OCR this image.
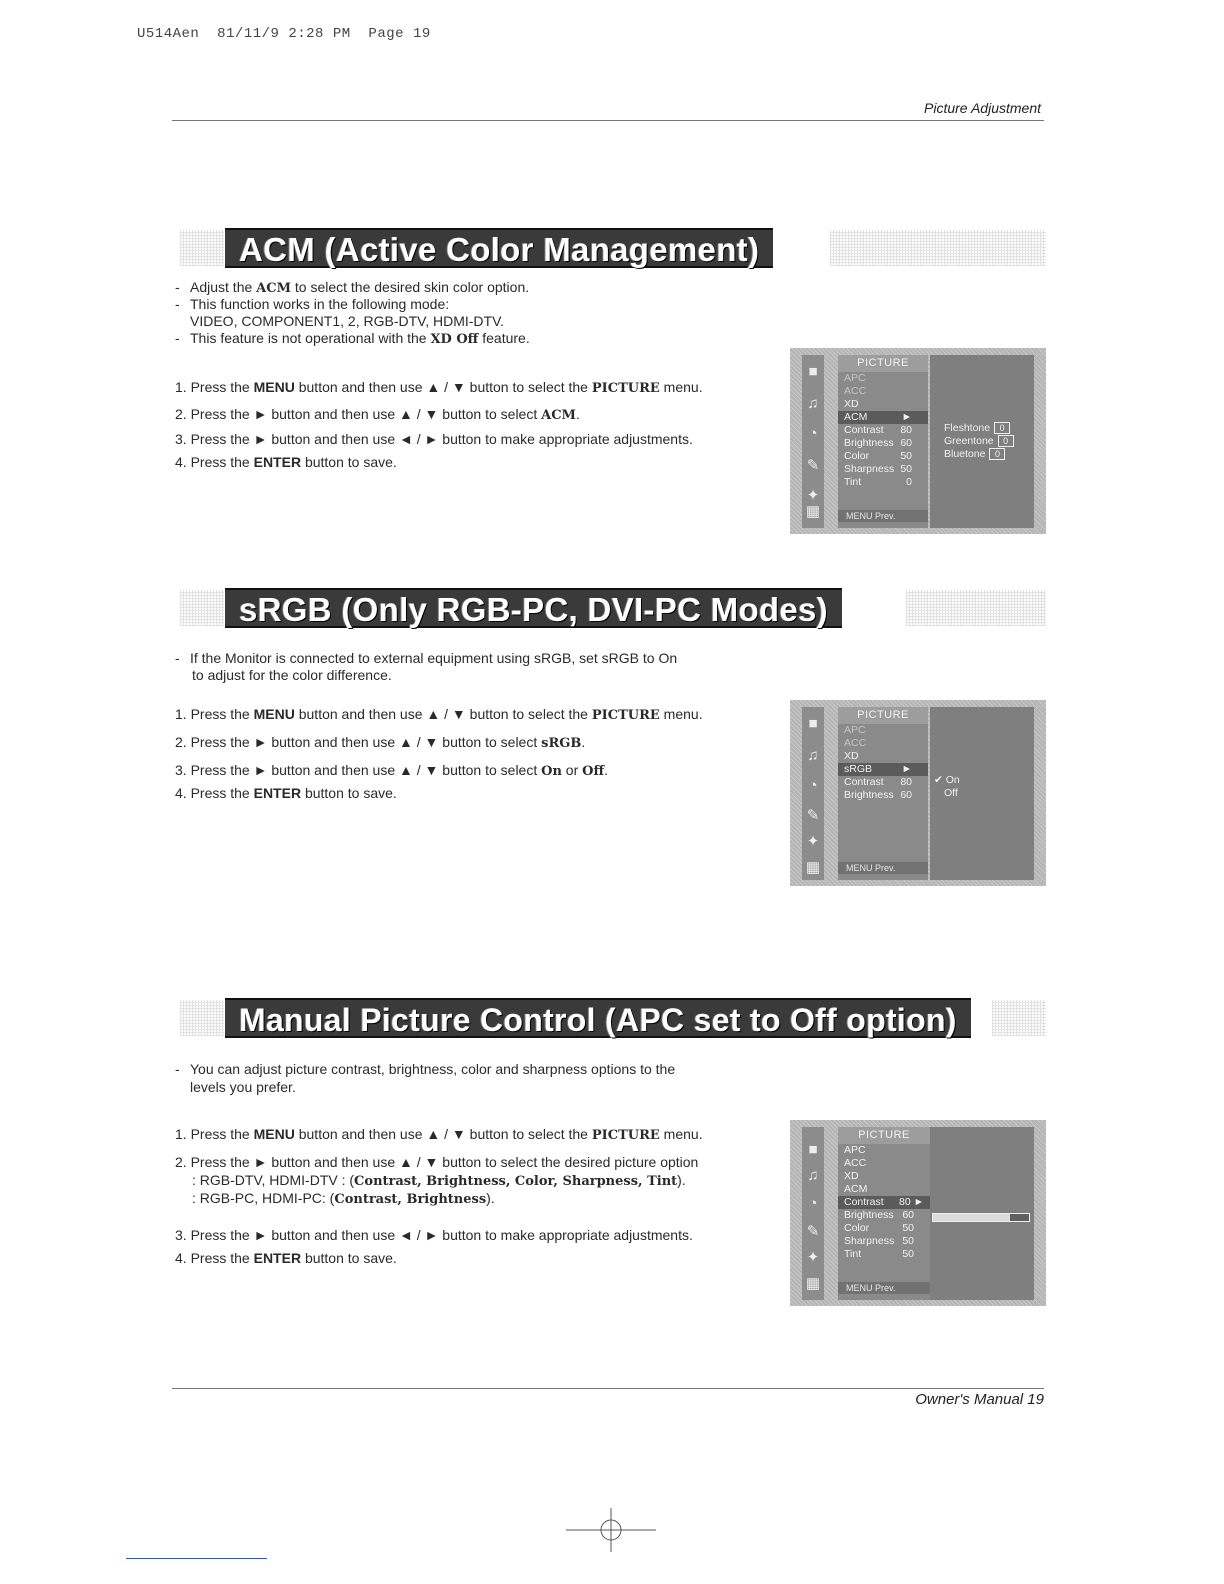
U514Aen  81/11/9 2:28 PM  Page 19
Picture Adjustment
ACM (Active Color Management)
- Adjust the ACM to select the desired skin color option.
- This function works in the following mode:
VIDEO, COMPONENT1, 2, RGB-DTV, HDMI-DTV.
- This feature is not operational with the XD Off feature.
1. Press the MENU button and then use ▲ / ▼ button to select the PICTURE menu.
2. Press the ► button and then use ▲ / ▼ button to select ACM.
3. Press the ► button and then use ◄ / ► button to make appropriate adjustments.
4. Press the ENTER button to save.
■
♫
◔
✎
✦
▦
PICTURE
APC
ACC
XD
ACM	►
Contrast 80
Brightness 60
Color	50
Sharpness 50
Tint	0
MENU Prev.
Fleshtone 0
Greentone 0
Bluetone 0
sRGB (Only RGB-PC, DVI-PC Modes)
- If the Monitor is connected to external equipment using sRGB, set sRGB to On
to adjust for the color difference.
1. Press the MENU button and then use ▲ / ▼ button to select the PICTURE menu.
2. Press the ► button and then use ▲ / ▼ button to select sRGB.
3. Press the ► button and then use ▲ / ▼ button to select On or Off.
4. Press the ENTER button to save.
■
♫
◔
✎
✦
▦
PICTURE
APC
ACC
XD
sRGB	►
Contrast 80
Brightness 60
MENU Prev.
✔ On
Off
Manual Picture Control (APC set to Off option)
- You can adjust picture contrast, brightness, color and sharpness options to the
levels you prefer.
1. Press the MENU button and then use ▲ / ▼ button to select the PICTURE menu.
2. Press the ► button and then use ▲ / ▼ button to select the desired picture option
: RGB-DTV, HDMI-DTV : (Contrast, Brightness, Color, Sharpness, Tint).
: RGB-PC, HDMI-PC: (Contrast, Brightness).
3. Press the ► button and then use ◄ / ► button to make appropriate adjustments.
4. Press the ENTER button to save.
■
♫
◔
✎
✦
▦
PICTURE
APC
ACC
XD
ACM
Contrast 80 ►
Brightness 60
Color	50
Sharpness 50
Tint	50
MENU Prev.
Owner's Manual 19
